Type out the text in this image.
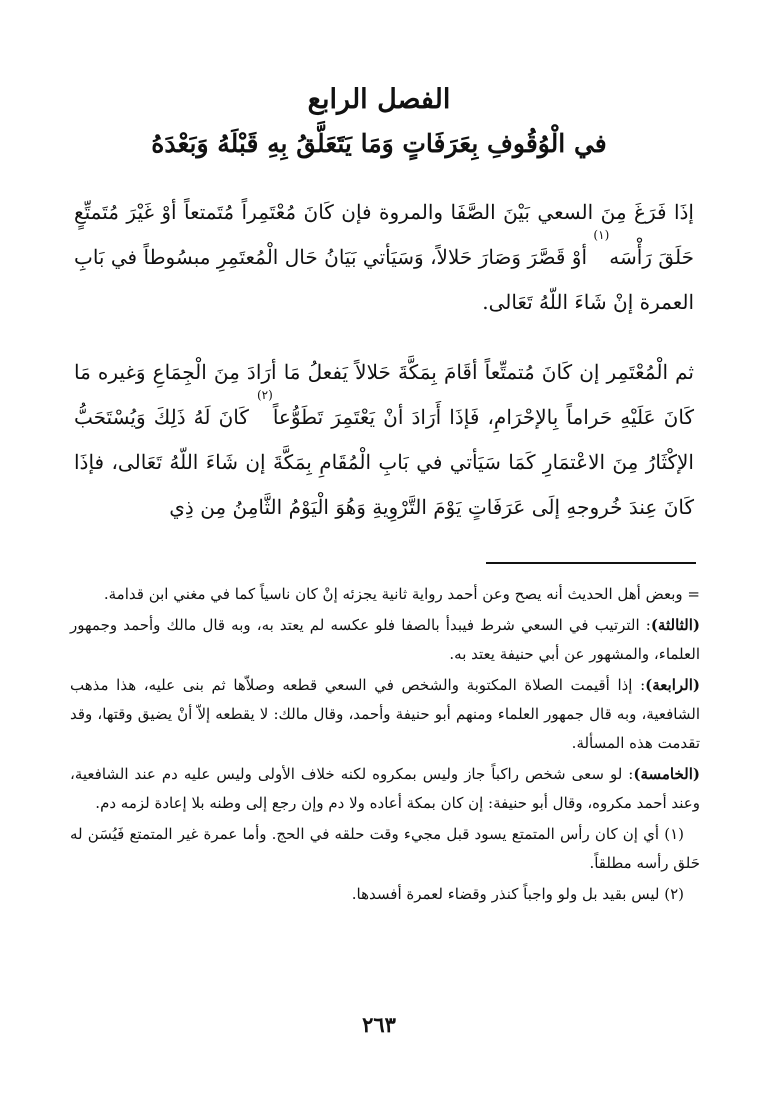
الفصل الرابع
في الْوُقُوفِ بِعَرَفَاتٍ وَمَا يَتَعَلَّقُ بِهِ قَبْلَهُ وَبَعْدَهُ

إذَا فَرَغَ مِنَ السعي بَيْنَ الصَّفَا والمروة فإن كَانَ مُعْتَمِراً مُتَمتعاً أوْ غَيْرَ مُتَمتِّعٍ حَلَقَ رَأْسَه$^{(١)}$ أوْ قَصَّرَ وَصَارَ حَلالاً، وَسَيَأتي بَيَانُ حَال الْمُعتَمِرِ مبسُوطاً في بَابِ العمرة إنْ شَاءَ اللّهُ تَعَالى.

ثم الْمُعْتَمِر إن كَانَ مُتمتِّعاً أقَامَ بِمَكَّةَ حَلالاً يَفعلُ مَا أرَادَ مِنَ الْجِمَاعِ وَغيره مَا كَانَ عَلَيْهِ حَراماً بِالإحْرَامِ، فَإذَا أَرَادَ أنْ يَعْتَمِرَ تَطَوُّعاً$^{(٢)}$ كَانَ لَهُ ذَلِكَ وَيُسْتَحَبُّ الإكْثَارُ مِنَ الاعْتمَارِ كَمَا سَيَأتي في بَابِ الْمُقَامِ بِمَكَّةَ إن شَاءَ اللّهُ تَعَالى، فإذَا كَانَ عِندَ خُروجهِ إلَى عَرَفَاتٍ يَوْمَ التَّرْوِيةِ وَهُوَ الْيَوْمُ الثَّامِنُ مِن ذِي

= وبعض أهل الحديث أنه يصح وعن أحمد رواية ثانية يجزئه إنْ كان ناسياً كما في مغني ابن قدامة.

(الثالثة): الترتيب في السعي شرط فيبدأ بالصفا فلو عكسه لم يعتد به، وبه قال مالك وأحمد وجمهور العلماء، والمشهور عن أبي حنيفة يعتد به.

(الرابعة): إذا أقيمت الصلاة المكتوبة والشخص في السعي قطعه وصلاّها ثم بنى عليه، هذا مذهب الشافعية، وبه قال جمهور العلماء ومنهم أبو حنيفة وأحمد، وقال مالك: لا يقطعه إلاّ أنْ يضيق وقتها، وقد تقدمت هذه المسألة.

(الخامسة): لو سعى شخص راكباً جاز وليس بمكروه لكنه خلاف الأولى وليس عليه دم عند الشافعية، وعند أحمد مكروه، وقال أبو حنيفة: إن كان بمكة أعاده ولا دم وإن رجع إلى وطنه بلا إعادة لزمه دم.

(١) أي إن كان رأس المتمتع يسود قبل مجيء وقت حلقه في الحج. وأما عمرة غير المتمتع فَيُسَن له حَلق رأسه مطلقاً.

(٢) ليس بقيد بل ولو واجباً كنذر وقضاء لعمرة أفسدها.

٢٦٣
